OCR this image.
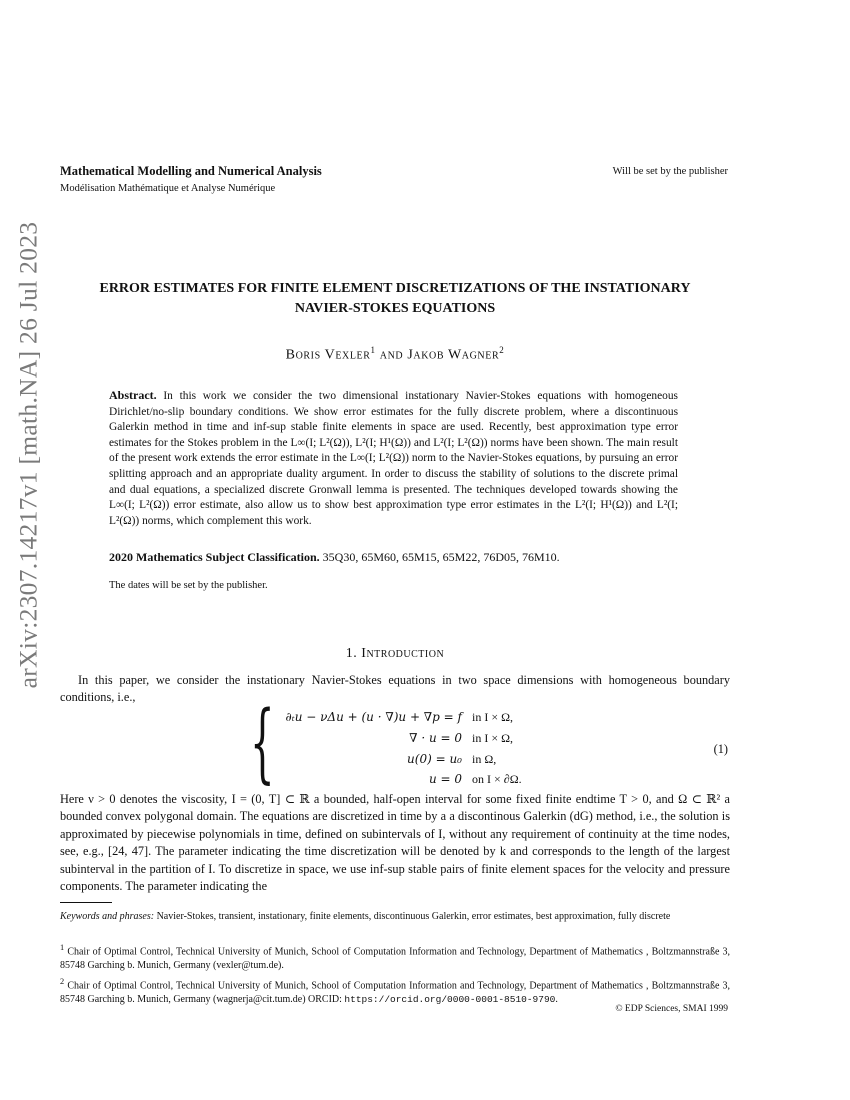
arXiv:2307.14217v1 [math.NA] 26 Jul 2023
Mathematical Modelling and Numerical Analysis
Modélisation Mathématique et Analyse Numérique
Will be set by the publisher
ERROR ESTIMATES FOR FINITE ELEMENT DISCRETIZATIONS OF THE INSTATIONARY
NAVIER-STOKES EQUATIONS
Boris Vexler$^1$ and Jakob Wagner$^2$
Abstract. In this work we consider the two dimensional instationary Navier-Stokes equations with homogeneous Dirichlet/no-slip boundary conditions. We show error estimates for the fully discrete problem, where a discontinuous Galerkin method in time and inf-sup stable finite elements in space are used. Recently, best approximation type error estimates for the Stokes problem in the L∞(I; L²(Ω)), L²(I; H¹(Ω)) and L²(I; L²(Ω)) norms have been shown. The main result of the present work extends the error estimate in the L∞(I; L²(Ω)) norm to the Navier-Stokes equations, by pursuing an error splitting approach and an appropriate duality argument. In order to discuss the stability of solutions to the discrete primal and dual equations, a specialized discrete Gronwall lemma is presented. The techniques developed towards showing the L∞(I; L²(Ω)) error estimate, also allow us to show best approximation type error estimates in the L²(I; H¹(Ω)) and L²(I; L²(Ω)) norms, which complement this work.
2020 Mathematics Subject Classification. 35Q30, 65M60, 65M15, 65M22, 76D05, 76M10.
The dates will be set by the publisher.
1. Introduction
In this paper, we consider the instationary Navier-Stokes equations in two space dimensions with homogeneous boundary conditions, i.e.,	{ ∂ₜu − νΔu + (u · ∇)u + ∇p = f in I × Ω,
∇ · u = 0 in I × Ω,
u(0) = u₀ in Ω,
u = 0 on I × ∂Ω.
(1)
Here ν > 0 denotes the viscosity, I = (0, T] ⊂ ℝ a bounded, half-open interval for some fixed finite endtime T > 0, and Ω ⊂ ℝ² a bounded convex polygonal domain. The equations are discretized in time by a a discontinous Galerkin (dG) method, i.e., the solution is approximated by piecewise polynomials in time, defined on subintervals of I, without any requirement of continuity at the time nodes, see, e.g., [24, 47]. The parameter indicating the time discretization will be denoted by k and corresponds to the length of the largest subinterval in the partition of I. To discretize in space, we use inf-sup stable pairs of finite element spaces for the velocity and pressure components. The parameter indicating the
Keywords and phrases: Navier-Stokes, transient, instationary, finite elements, discontinuous Galerkin, error estimates, best approximation, fully discrete
$^1$ Chair of Optimal Control, Technical University of Munich, School of Computation Information and Technology, Department of Mathematics , Boltzmannstraße 3, 85748 Garching b. Munich, Germany (vexler@tum.de).
$^2$ Chair of Optimal Control, Technical University of Munich, School of Computation Information and Technology, Department of Mathematics , Boltzmannstraße 3, 85748 Garching b. Munich, Germany (wagnerja@cit.tum.de) ORCID: https://orcid.org/0000-0001-8510-9790.
© EDP Sciences, SMAI 1999
